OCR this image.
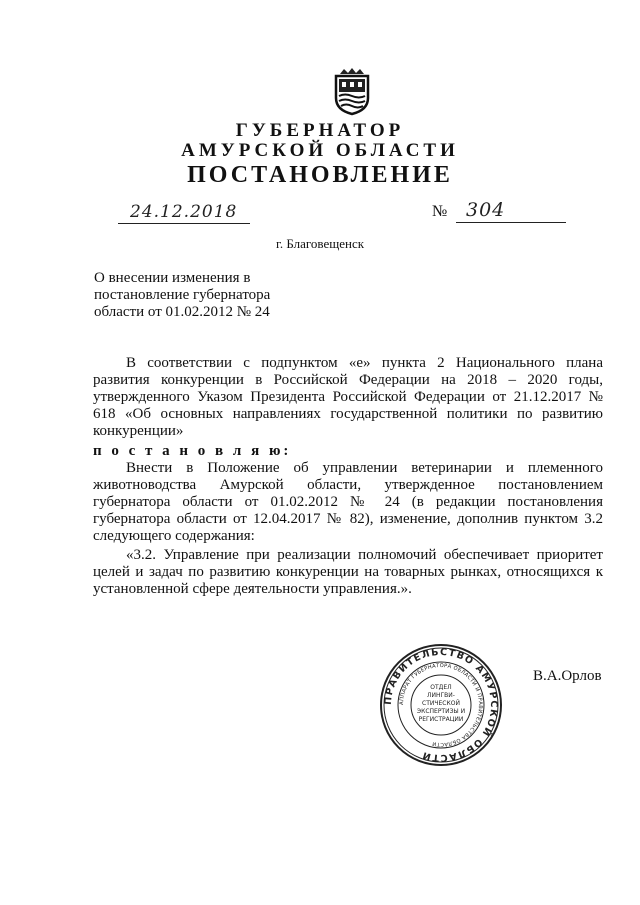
ГУБЕРНАТОР
АМУРСКОЙ ОБЛАСТИ
ПОСТАНОВЛЕНИЕ
24.12.2018	№ 304
г. Благовещенск
О внесении изменения в
постановление губернатора
области от 01.02.2012 № 24
В соответствии с подпунктом «е» пункта 2 Национального плана развития конкуренции в Российской Федерации на 2018 – 2020 годы, утвержденного Указом Президента Российской Федерации от 21.12.2017 № 618 «Об основных направлениях государственной политики по развитию конкуренции»
п о с т а н о в л я ю:
Внести в Положение об управлении ветеринарии и племенного животноводства Амурской области, утвержденное постановлением губернатора области от 01.02.2012 № 24 (в редакции постановления губернатора области от 12.04.2017 № 82), изменение, дополнив пунктом 3.2 следующего содержания:
«3.2. Управление при реализации полномочий обеспечивает приоритет целей и задач по развитию конкуренции на товарных рынках, относящихся к установленной сфере деятельности управления.».
ПРАВИТЕЛЬСТВО АМУРСКОЙ ОБЛАСТИ
АППАРАТ ГУБЕРНАТОРА ОБЛАСТИ И ПРАВИТЕЛЬСТВА ОБЛАСТИ
ОТДЕЛ
ЛИНГВИ-
СТИЧЕСКОЙ
ЭКСПЕРТИЗЫ И
РЕГИСТРАЦИИ
В.А.Орлов
